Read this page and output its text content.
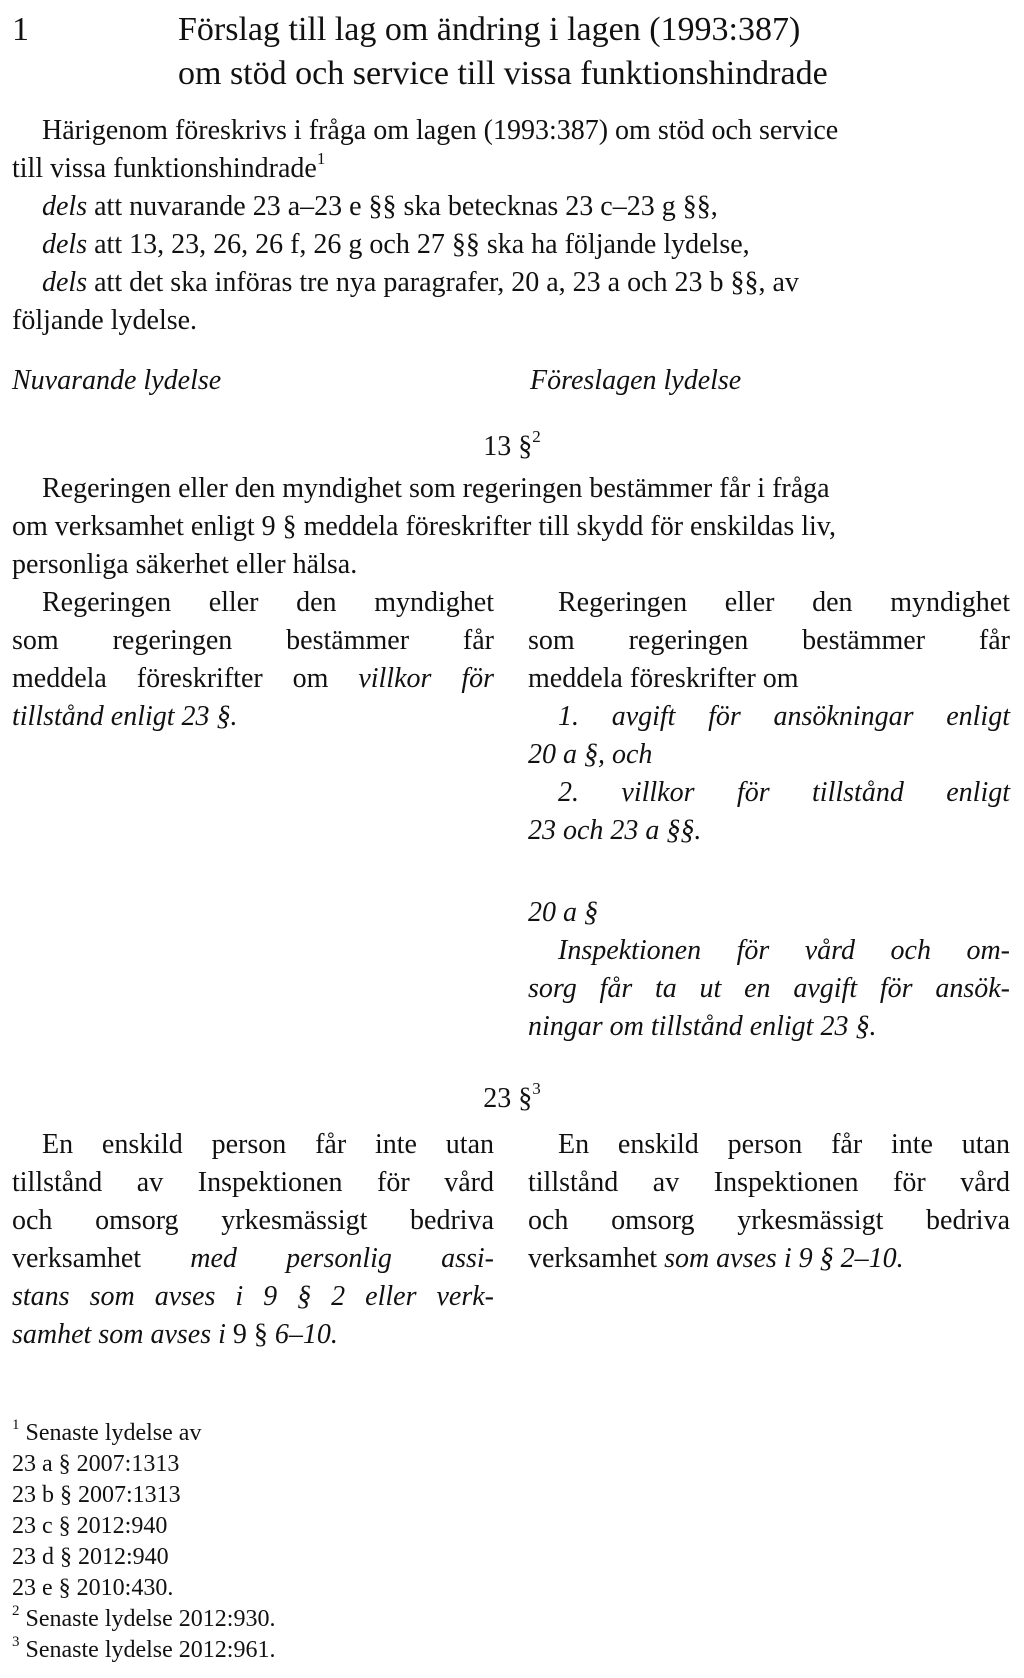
1	Förslag till lag om ändring i lagen (1993:387)
om stöd och service till vissa funktionshindrade

Härigenom föreskrivs i fråga om lagen (1993:387) om stöd och service

till vissa funktionshindrade$^1$

dels att nuvarande 23 a–23 e §§ ska betecknas 23 c–23 g §§,

dels att 13, 23, 26, 26 f, 26 g och 27 §§ ska ha följande lydelse,

dels att det ska införas tre nya paragrafer, 20 a, 23 a och 23 b §§, av

följande lydelse.

Nuvarande lydelse	Föreslagen lydelse
13 §$^2$

Regeringen eller den myndighet som regeringen bestämmer får i fråga

om verksamhet enligt 9 § meddela föreskrifter till skydd för enskildas liv,

personliga säkerhet eller hälsa.

Regeringen eller den myndighet

som regeringen bestämmer får

meddela föreskrifter om villkor för

tillstånd enligt 23 §.

Regeringen eller den myndighet

som regeringen bestämmer får

meddela föreskrifter om

1. avgift för ansökningar enligt

20 a §, och

2. villkor för tillstånd enligt

23 och 23 a §§.

20 a §

Inspektionen för vård och om-

sorg får ta ut en avgift för ansök-

ningar om tillstånd enligt 23 §.

23 §$^3$

En enskild person får inte utan

tillstånd av Inspektionen för vård

och omsorg yrkesmässigt bedriva

verksamhet med personlig assi-

stans som avses i 9 § 2 eller verk-

samhet som avses i 9 § 6–10.

En enskild person får inte utan

tillstånd av Inspektionen för vård

och omsorg yrkesmässigt bedriva

verksamhet som avses i 9 § 2–10.

$^1$ Senaste lydelse av
23 a § 2007:1313
23 b § 2007:1313
23 c § 2012:940
23 d § 2012:940
23 e § 2010:430.
$^2$ Senaste lydelse 2012:930.
$^3$ Senaste lydelse 2012:961.
